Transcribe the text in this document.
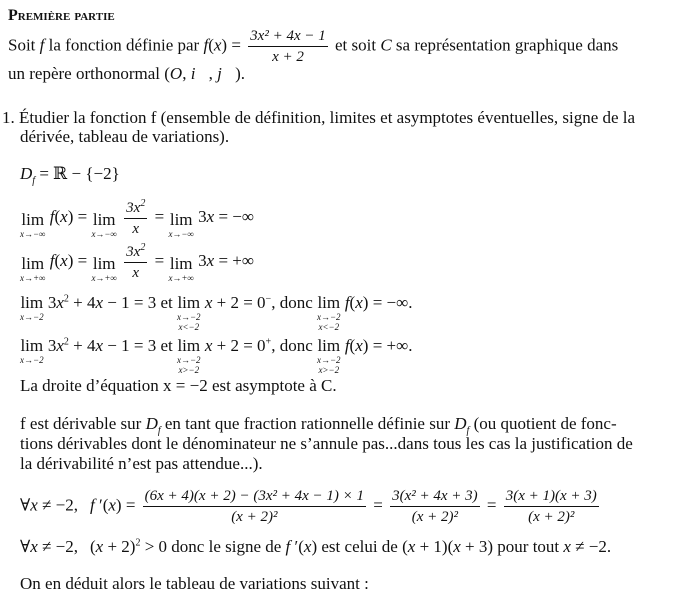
Première partie
Soit f la fonction définie par $f(x) = \frac{\text{3x² + 4x − 1}}{x + 2}$ et soit C sa représentation graphique dans
un repère orthonormal (O, i⃗, j⃗).
1. Étudier la fonction f (ensemble de définition, limites et asymptotes éventuelles, signe de la
dérivée, tableau de variations).
$D_f$ = ℝ − {−2}
lim
x→−∞
f(x) = lim
x→−∞
$\frac{3x^2}{x} = \lim$
x→−∞
3x = −∞
lim
x→+∞
f(x) = lim
x→+∞
$\frac{3x^2}{x} = \lim$
x→+∞
3x = +∞
lim
x→−2
$3x^2 + 4x - 1 = 3$ et lim
x→−2
x<−2
x + 2 = 0−, donc lim
x→−2
x<−2
f(x) = −∞.
lim
x→−2
$3x^2 + 4x - 1 = 3$ et lim
x→−2
x>−2
x + 2 = 0+, donc lim
x→−2
x>−2
f(x) = +∞.
La droite d’équation x = −2 est asymptote à C.
f est dérivable sur $D_f$ en tant que fraction rationnelle définie sur $D_f$ (ou quotient de fonc-
tions dérivables dont le dénominateur ne s’annule pas...dans tous les cas la justification de
la dérivabilité n’est pas attendue...).
∀x ≠ −2, f $'(x) = \frac{\text{(6x + 4)(x + 2) − (3x² + 4x − 1) × 1}}{\text{(x + 2)²}} = \frac{\text{3(x² + 4x + 3)}}{\text{(x + 2)²}} = \frac{3(x + 1)(x + 3)}{\text{(x + 2)²}}$
∀x ≠ −2, $(x + 2)^2 > 0$ donc le signe de f ′(x) est celui de (x + 1)(x + 3) pour tout x ≠ −2.
On en déduit alors le tableau de variations suivant :
